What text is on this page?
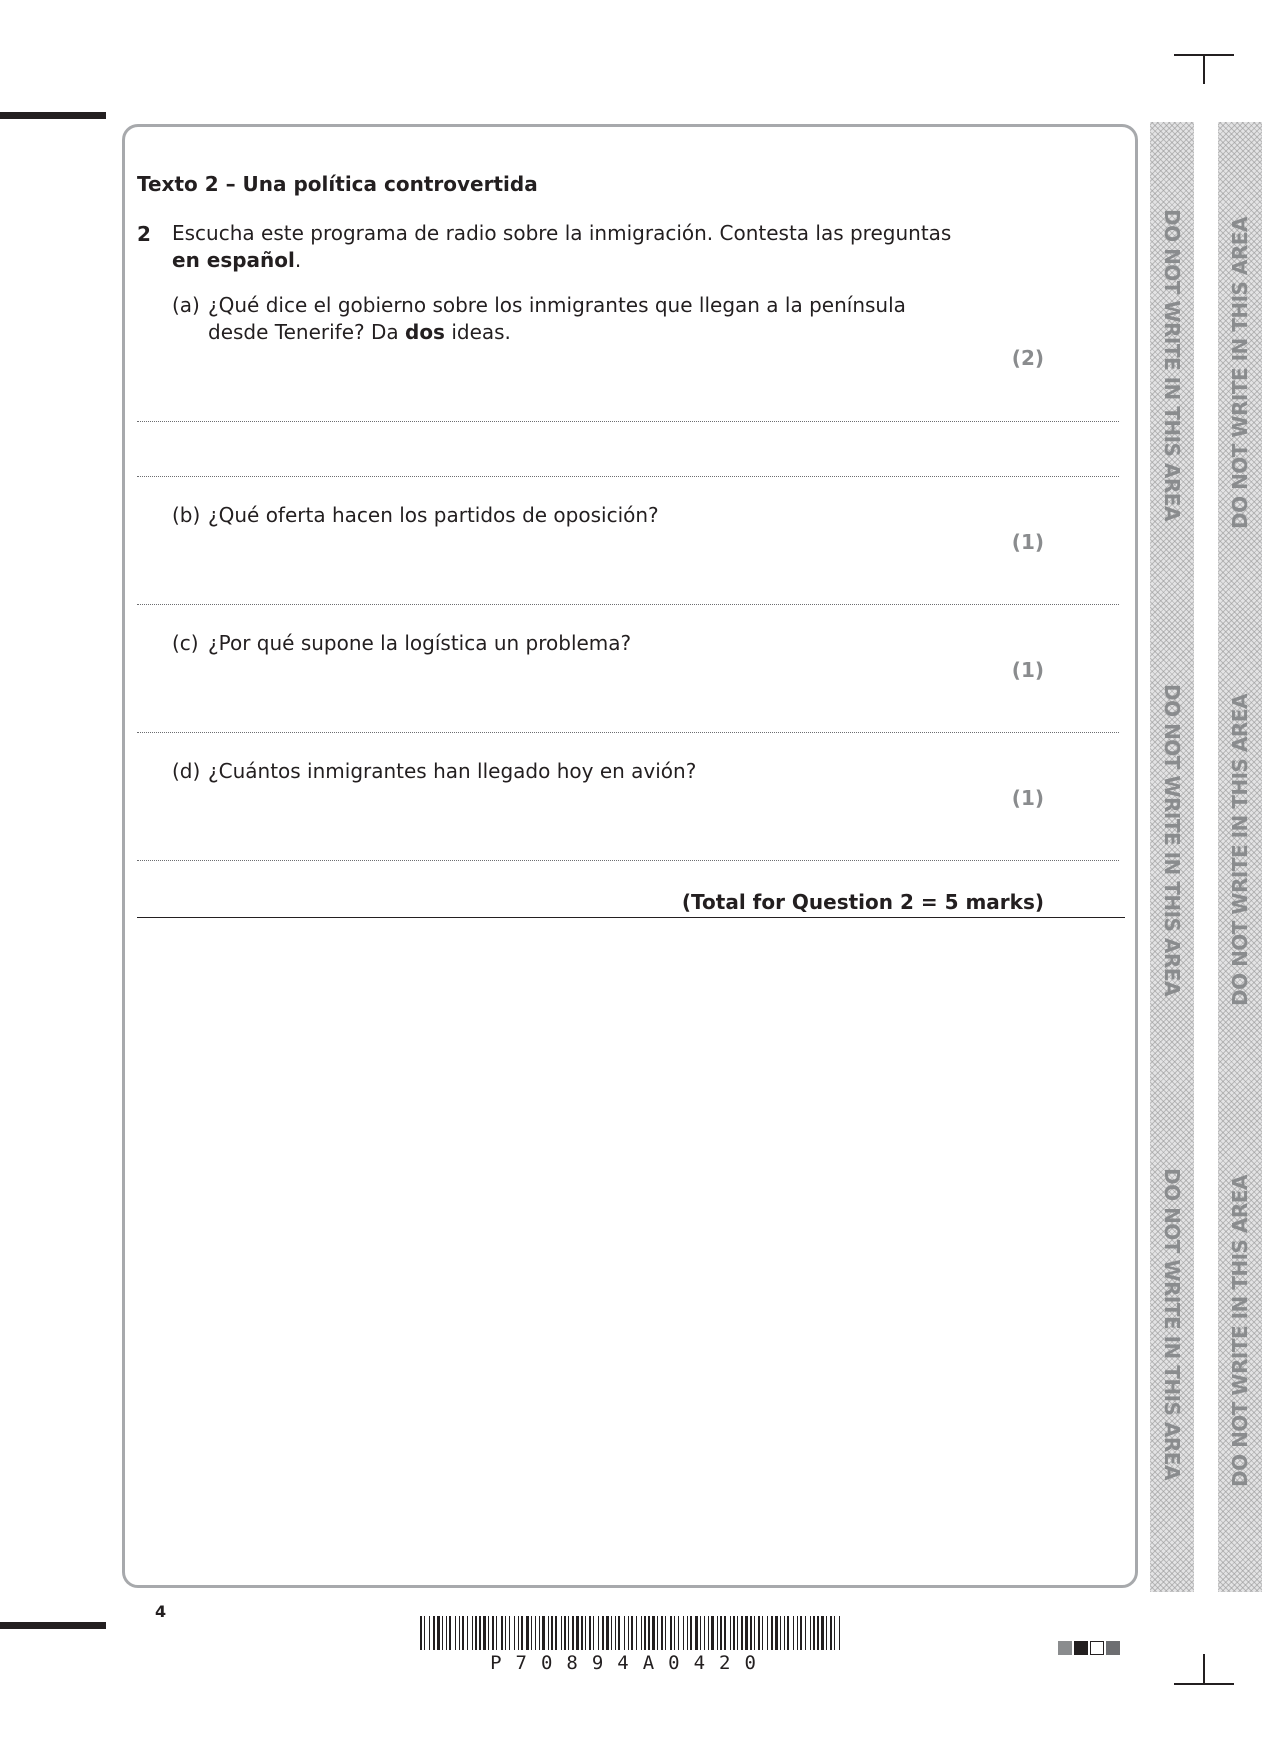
DO NOT WRITE IN THIS AREA
DO NOT WRITE IN THIS AREA
DO NOT WRITE IN THIS AREA
DO NOT WRITE IN THIS AREA
DO NOT WRITE IN THIS AREA
DO NOT WRITE IN THIS AREA
Texto 2 – Una política controvertida
2 Escucha este programa de radio sobre la inmigración. Contesta las preguntas en español.
(a) ¿Qué dice el gobierno sobre los inmigrantes que llegan a la península desde Tenerife? Da dos ideas.
(2)
(b) ¿Qué oferta hacen los partidos de oposición?
(1)
(c) ¿Por qué supone la logística un problema?
(1)
(d) ¿Cuántos inmigrantes han llegado hoy en avión?
(1)
(Total for Question 2 = 5 marks)
4
P70894A0420
